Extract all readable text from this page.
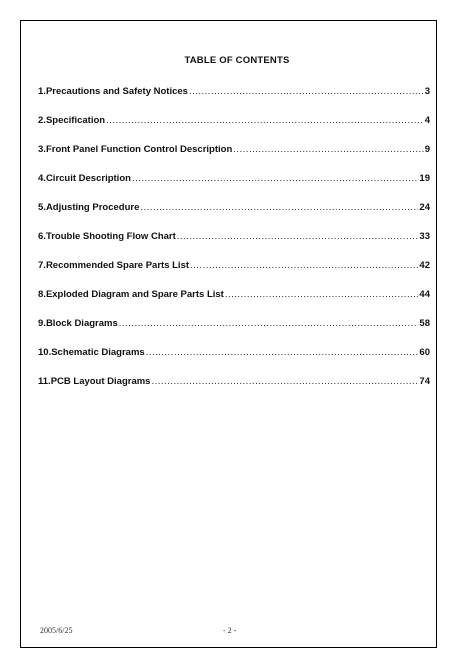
TABLE OF CONTENTS
1. Precautions and Safety Notices .....	3
2. Specification .....	4
3. Front Panel Function Control Description .....	9
4. Circuit Description .....	19
5. Adjusting Procedure .....	24
6. Trouble Shooting Flow Chart .....	33
7. Recommended Spare Parts List .....	42
8. Exploded Diagram and Spare Parts List .....	44
9. Block Diagrams .....	58
10. Schematic Diagrams .....	60
11. PCB Layout Diagrams .....	74
2005/6/25	- 2 -
